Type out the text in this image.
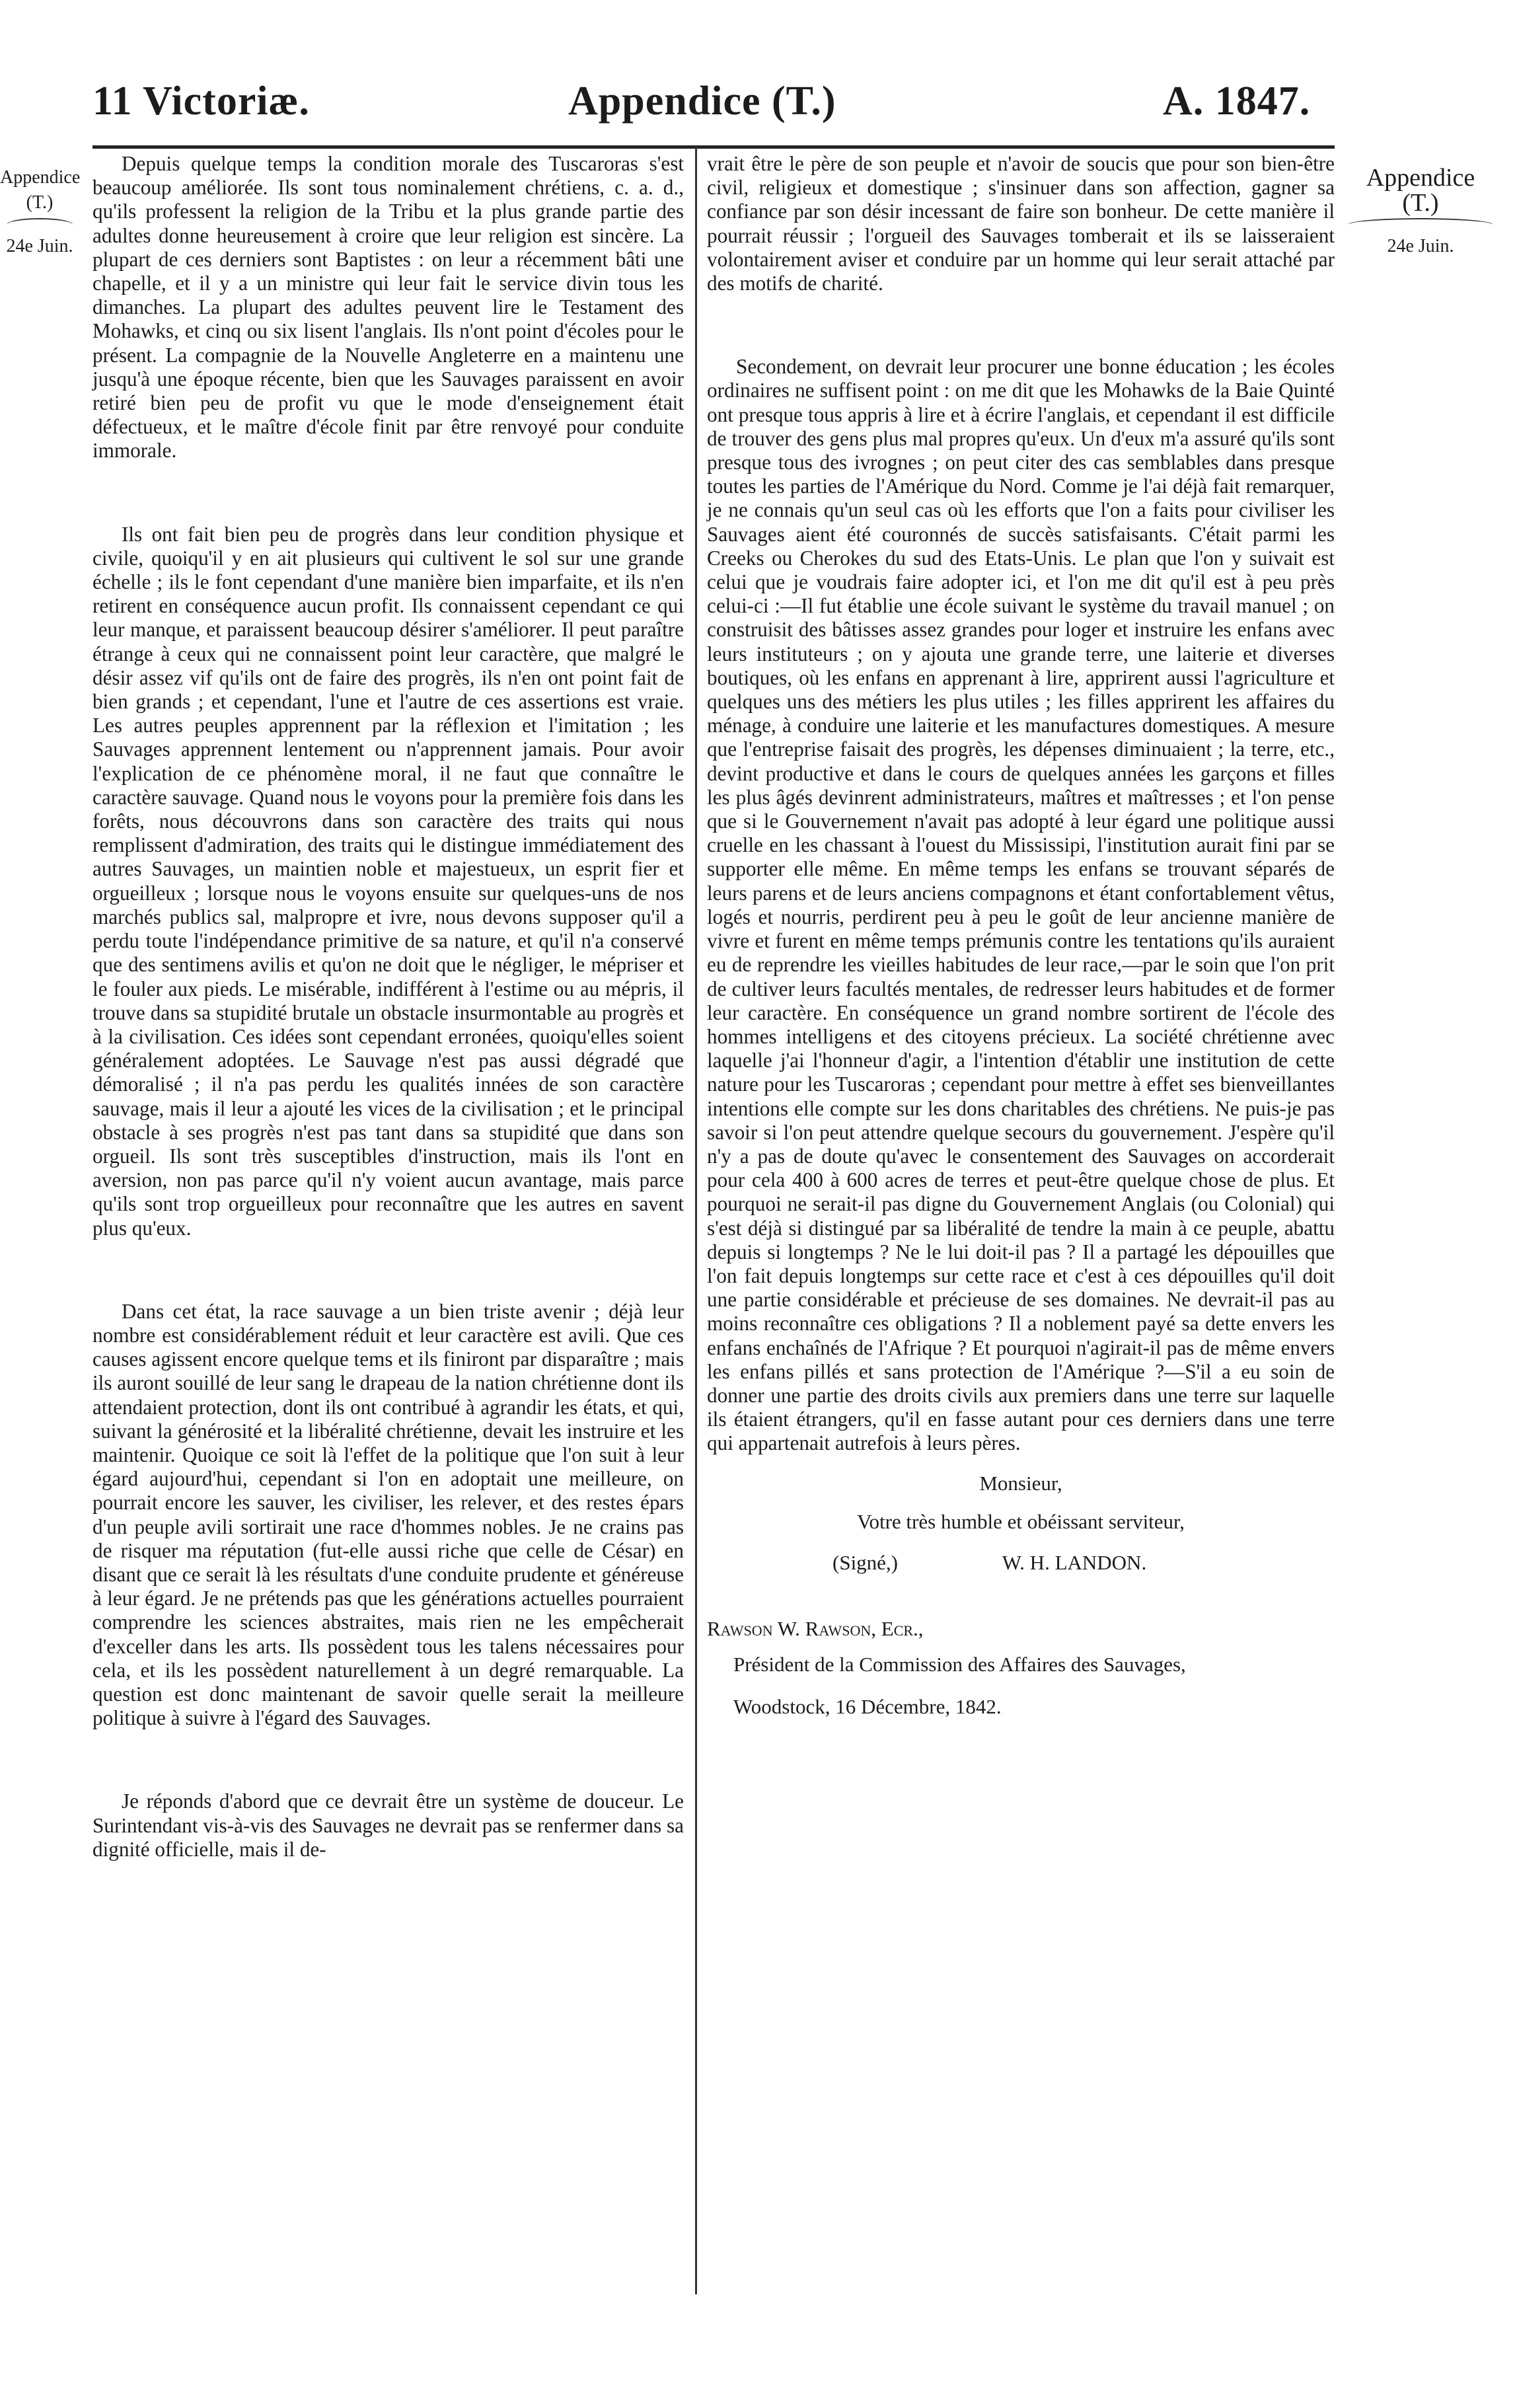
11 Victoriæ.	Appendice (T.)	A. 1847.
Appendice
(T.)
24e Juin.
Appendice
(T.)
24e Juin.

Depuis quelque temps la condition morale des Tuscaroras s'est beaucoup améliorée. Ils sont tous nominalement chrétiens, c. a. d., qu'ils professent la religion de la Tribu et la plus grande partie des adultes donne heureusement à croire que leur religion est sincère. La plupart de ces derniers sont Baptistes : on leur a récemment bâti une chapelle, et il y a un ministre qui leur fait le service divin tous les dimanches. La plupart des adultes peuvent lire le Testament des Mohawks, et cinq ou six lisent l'anglais. Ils n'ont point d'écoles pour le présent. La compagnie de la Nouvelle Angleterre en a maintenu une jusqu'à une époque récente, bien que les Sauvages paraissent en avoir retiré bien peu de profit vu que le mode d'enseignement était défectueux, et le maître d'école finit par être renvoyé pour conduite immorale.

Ils ont fait bien peu de progrès dans leur condition physique et civile, quoiqu'il y en ait plusieurs qui cultivent le sol sur une grande échelle ; ils le font cependant d'une manière bien imparfaite, et ils n'en retirent en conséquence aucun profit. Ils connaissent cependant ce qui leur manque, et paraissent beaucoup désirer s'améliorer. Il peut paraître étrange à ceux qui ne connaissent point leur caractère, que malgré le désir assez vif qu'ils ont de faire des progrès, ils n'en ont point fait de bien grands ; et cependant, l'une et l'autre de ces assertions est vraie. Les autres peuples apprennent par la réflexion et l'imitation ; les Sauvages apprennent lentement ou n'apprennent jamais. Pour avoir l'explication de ce phénomène moral, il ne faut que connaître le caractère sauvage. Quand nous le voyons pour la première fois dans les forêts, nous découvrons dans son caractère des traits qui nous remplissent d'admiration, des traits qui le distingue immédiatement des autres Sauvages, un maintien noble et majestueux, un esprit fier et orgueilleux ; lorsque nous le voyons ensuite sur quelques-uns de nos marchés publics sal, malpropre et ivre, nous devons supposer qu'il a perdu toute l'indépendance primitive de sa nature, et qu'il n'a conservé que des sentimens avilis et qu'on ne doit que le négliger, le mépriser et le fouler aux pieds. Le misérable, indifférent à l'estime ou au mépris, il trouve dans sa stupidité brutale un obstacle insurmontable au progrès et à la civilisation. Ces idées sont cependant erronées, quoiqu'elles soient généralement adoptées. Le Sauvage n'est pas aussi dégradé que démoralisé ; il n'a pas perdu les qualités innées de son caractère sauvage, mais il leur a ajouté les vices de la civilisation ; et le principal obstacle à ses progrès n'est pas tant dans sa stupidité que dans son orgueil. Ils sont très susceptibles d'instruction, mais ils l'ont en aversion, non pas parce qu'il n'y voient aucun avantage, mais parce qu'ils sont trop orgueilleux pour reconnaître que les autres en savent plus qu'eux.

Dans cet état, la race sauvage a un bien triste avenir ; déjà leur nombre est considérablement réduit et leur caractère est avili. Que ces causes agissent encore quelque tems et ils finiront par disparaître ; mais ils auront souillé de leur sang le drapeau de la nation chrétienne dont ils attendaient protection, dont ils ont contribué à agrandir les états, et qui, suivant la générosité et la libéralité chrétienne, devait les instruire et les maintenir. Quoique ce soit là l'effet de la politique que l'on suit à leur égard aujourd'hui, cependant si l'on en adoptait une meilleure, on pourrait encore les sauver, les civiliser, les relever, et des restes épars d'un peuple avili sortirait une race d'hommes nobles. Je ne crains pas de risquer ma réputation (fut-elle aussi riche que celle de César) en disant que ce serait là les résultats d'une conduite prudente et généreuse à leur égard. Je ne prétends pas que les générations actuelles pourraient comprendre les sciences abstraites, mais rien ne les empêcherait d'exceller dans les arts. Ils possèdent tous les talens nécessaires pour cela, et ils les possèdent naturellement à un degré remarquable. La question est donc maintenant de savoir quelle serait la meilleure politique à suivre à l'égard des Sauvages.

Je réponds d'abord que ce devrait être un système de douceur. Le Surintendant vis-à-vis des Sauvages ne devrait pas se renfermer dans sa dignité officielle, mais il de-

vrait être le père de son peuple et n'avoir de soucis que pour son bien-être civil, religieux et domestique ; s'insinuer dans son affection, gagner sa confiance par son désir incessant de faire son bonheur. De cette manière il pourrait réussir ; l'orgueil des Sauvages tomberait et ils se laisseraient volontairement aviser et conduire par un homme qui leur serait attaché par des motifs de charité.

Secondement, on devrait leur procurer une bonne éducation ; les écoles ordinaires ne suffisent point : on me dit que les Mohawks de la Baie Quinté ont presque tous appris à lire et à écrire l'anglais, et cependant il est difficile de trouver des gens plus mal propres qu'eux. Un d'eux m'a assuré qu'ils sont presque tous des ivrognes ; on peut citer des cas semblables dans presque toutes les parties de l'Amérique du Nord. Comme je l'ai déjà fait remarquer, je ne connais qu'un seul cas où les efforts que l'on a faits pour civiliser les Sauvages aient été couronnés de succès satisfaisants. C'était parmi les Creeks ou Cherokes du sud des Etats-Unis. Le plan que l'on y suivait est celui que je voudrais faire adopter ici, et l'on me dit qu'il est à peu près celui-ci :—Il fut établie une école suivant le système du travail manuel ; on construisit des bâtisses assez grandes pour loger et instruire les enfans avec leurs instituteurs ; on y ajouta une grande terre, une laiterie et diverses boutiques, où les enfans en apprenant à lire, apprirent aussi l'agriculture et quelques uns des métiers les plus utiles ; les filles apprirent les affaires du ménage, à conduire une laiterie et les manufactures domestiques. A mesure que l'entreprise faisait des progrès, les dépenses diminuaient ; la terre, etc., devint productive et dans le cours de quelques années les garçons et filles les plus âgés devinrent administrateurs, maîtres et maîtresses ; et l'on pense que si le Gouvernement n'avait pas adopté à leur égard une politique aussi cruelle en les chassant à l'ouest du Mississipi, l'institution aurait fini par se supporter elle même. En même temps les enfans se trouvant séparés de leurs parens et de leurs anciens compagnons et étant confortablement vêtus, logés et nourris, perdirent peu à peu le goût de leur ancienne manière de vivre et furent en même temps prémunis contre les tentations qu'ils auraient eu de reprendre les vieilles habitudes de leur race,—par le soin que l'on prit de cultiver leurs facultés mentales, de redresser leurs habitudes et de former leur caractère. En conséquence un grand nombre sortirent de l'école des hommes intelligens et des citoyens précieux. La société chrétienne avec laquelle j'ai l'honneur d'agir, a l'intention d'établir une institution de cette nature pour les Tuscaroras ; cependant pour mettre à effet ses bienveillantes intentions elle compte sur les dons charitables des chrétiens. Ne puis-je pas savoir si l'on peut attendre quelque secours du gouvernement. J'espère qu'il n'y a pas de doute qu'avec le consentement des Sauvages on accorderait pour cela 400 à 600 acres de terres et peut-être quelque chose de plus. Et pourquoi ne serait-il pas digne du Gouvernement Anglais (ou Colonial) qui s'est déjà si distingué par sa libéralité de tendre la main à ce peuple, abattu depuis si longtemps ? Ne le lui doit-il pas ? Il a partagé les dépouilles que l'on fait depuis longtemps sur cette race et c'est à ces dépouilles qu'il doit une partie considérable et précieuse de ses domaines. Ne devrait-il pas au moins reconnaître ces obligations ? Il a noblement payé sa dette envers les enfans enchaînés de l'Afrique ? Et pourquoi n'agirait-il pas de même envers les enfans pillés et sans protection de l'Amérique ?—S'il a eu soin de donner une partie des droits civils aux premiers dans une terre sur laquelle ils étaient étrangers, qu'il en fasse autant pour ces derniers dans une terre qui appartenait autrefois à leurs pères.

Monsieur,
Votre très humble et obéissant serviteur,
(Signé,)	W. H. LANDON.
Rawson W. Rawson, Ecr.,
Président de la Commission des Affaires des Sauvages,
Woodstock, 16 Décembre, 1842.
